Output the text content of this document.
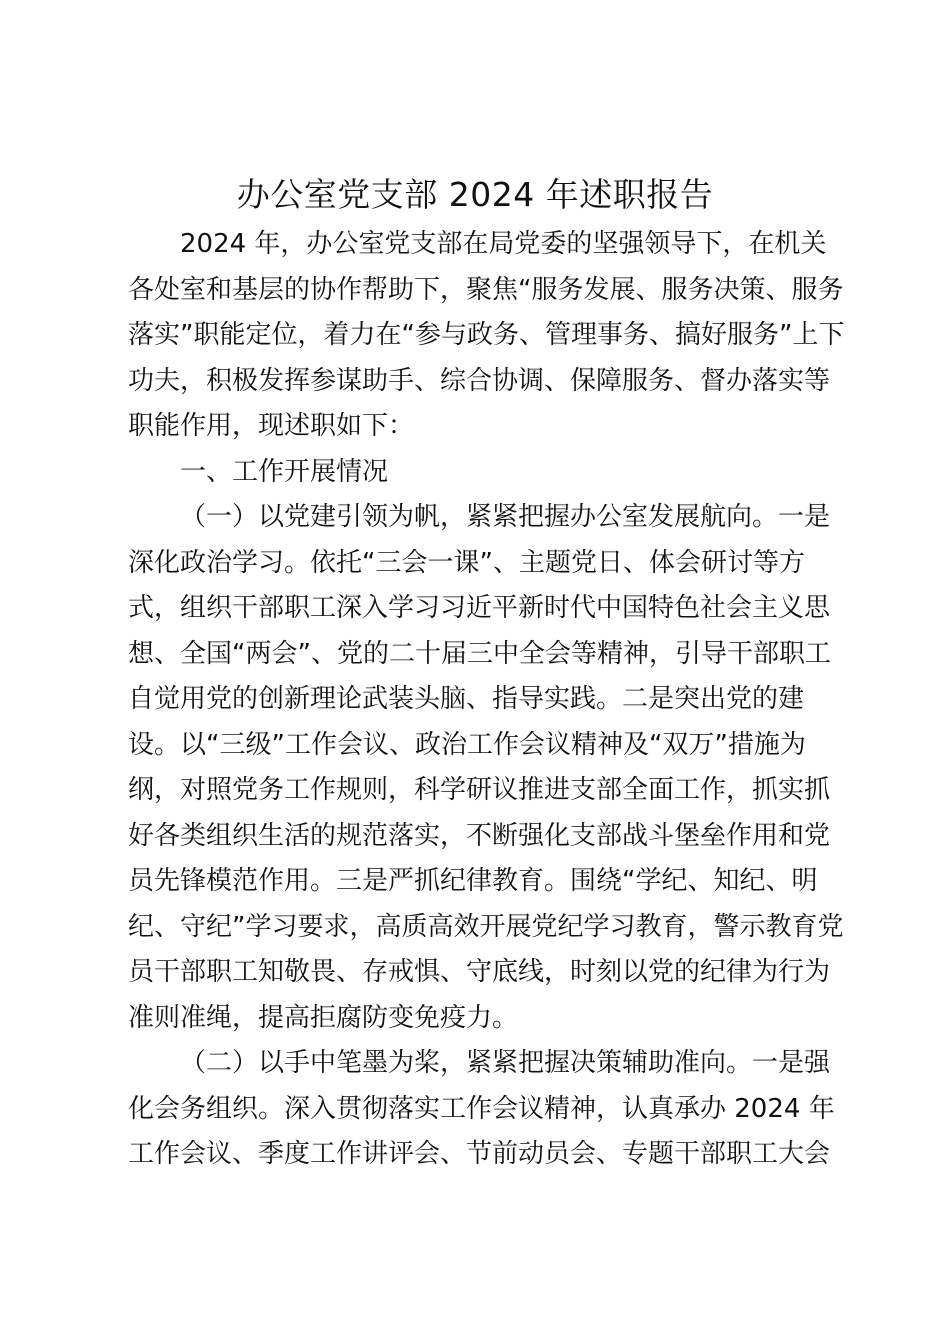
办公室党支部 2024 年述职报告
2024 年，办公室党支部在局党委的坚强领导下，在机关
各处室和基层的协作帮助下，聚焦“服务发展、服务决策、服务
落实”职能定位，着力在“参与政务、管理事务、搞好服务”上下
功夫，积极发挥参谋助手、综合协调、保障服务、督办落实等
职能作用，现述职如下：
一、工作开展情况
（一）以党建引领为帆，紧紧把握办公室发展航向。一是
深化政治学习。依托“三会一课”、主题党日、体会研讨等方
式，组织干部职工深入学习习近平新时代中国特色社会主义思
想、全国“两会”、党的二十届三中全会等精神，引导干部职工
自觉用党的创新理论武装头脑、指导实践。二是突出党的建
设。以“三级”工作会议、政治工作会议精神及“双万”措施为
纲，对照党务工作规则，科学研议推进支部全面工作，抓实抓
好各类组织生活的规范落实，不断强化支部战斗堡垒作用和党
员先锋模范作用。三是严抓纪律教育。围绕“学纪、知纪、明
纪、守纪”学习要求，高质高效开展党纪学习教育，警示教育党
员干部职工知敬畏、存戒惧、守底线，时刻以党的纪律为行为
准则准绳，提高拒腐防变免疫力。
（二）以手中笔墨为桨，紧紧把握决策辅助准向。一是强
化会务组织。深入贯彻落实工作会议精神，认真承办 2024 年
工作会议、季度工作讲评会、节前动员会、专题干部职工大会
